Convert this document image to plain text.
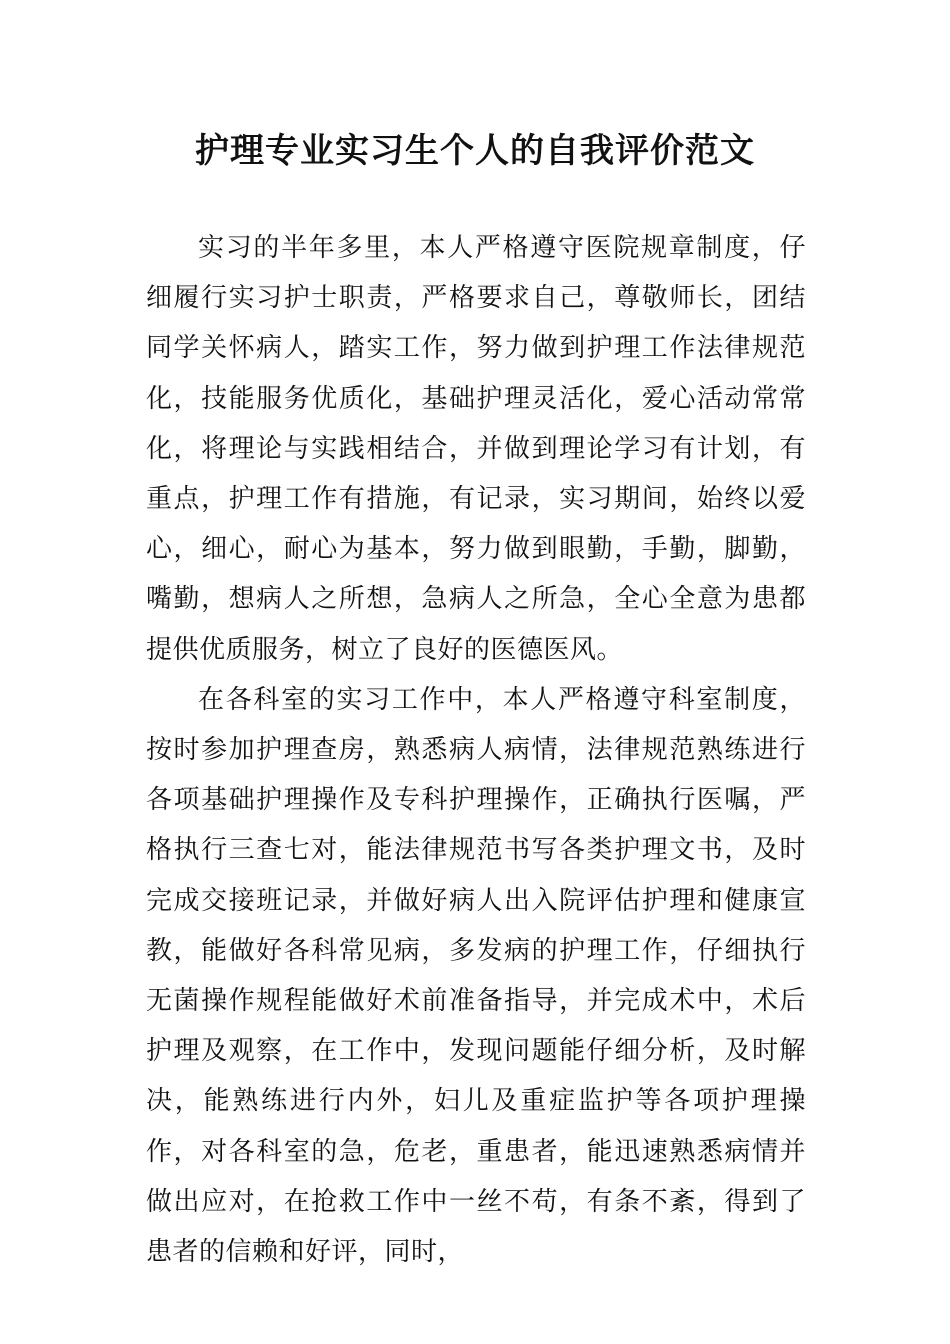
护理专业实习生个人的自我评价范文

实习的半年多里，本人严格遵守医院规章制度，仔细履行实习护士职责，严格要求自己，尊敬师长，团结同学关怀病人，踏实工作，努力做到护理工作法律规范化，技能服务优质化，基础护理灵活化，爱心活动常常化，将理论与实践相结合，并做到理论学习有计划，有重点，护理工作有措施，有记录，实习期间，始终以爱心，细心，耐心为基本，努力做到眼勤，手勤，脚勤，嘴勤，想病人之所想，急病人之所急，全心全意为患都提供优质服务，树立了良好的医德医风。

在各科室的实习工作中，本人严格遵守科室制度，按时参加护理查房，熟悉病人病情，法律规范熟练进行各项基础护理操作及专科护理操作，正确执行医嘱，严格执行三查七对，能法律规范书写各类护理文书，及时完成交接班记录，并做好病人出入院评估护理和健康宣教，能做好各科常见病，多发病的护理工作，仔细执行无菌操作规程能做好术前准备指导，并完成术中，术后护理及观察，在工作中，发现问题能仔细分析，及时解决，能熟练进行内外，妇儿及重症监护等各项护理操作，对各科室的急，危老，重患者，能迅速熟悉病情并做出应对，在抢救工作中一丝不苟，有条不紊，得到了患者的信赖和好评，同时，
